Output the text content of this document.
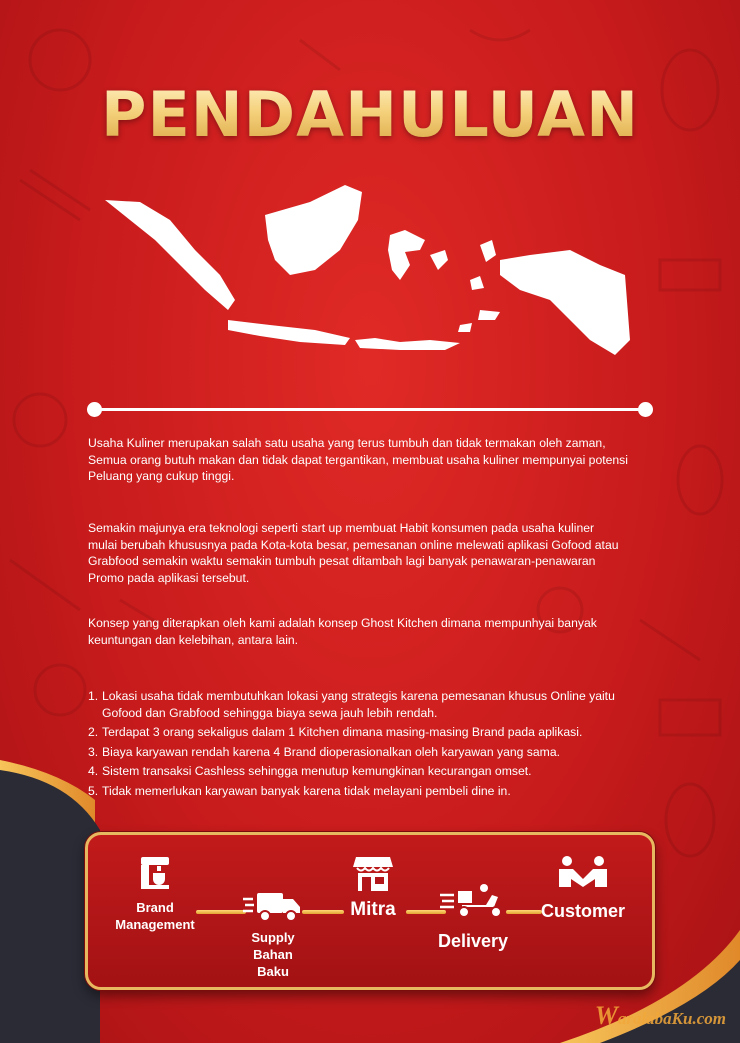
PENDAHULUAN

Usaha Kuliner merupakan salah satu usaha yang terus tumbuh dan tidak termakan oleh zaman,
Semua orang butuh makan dan tidak dapat tergantikan, membuat usaha kuliner mempunyai potensi
Peluang yang cukup tinggi.

Semakin majunya era teknologi seperti start up membuat Habit konsumen pada usaha kuliner
mulai berubah khususnya pada Kota-kota besar, pemesanan online melewati aplikasi Gofood atau
Grabfood semakin waktu semakin tumbuh pesat ditambah lagi banyak penawaran-penawaran
Promo pada aplikasi tersebut.

Konsep yang diterapkan oleh kami adalah konsep Ghost Kitchen dimana mempunhyai banyak
keuntungan dan kelebihan, antara lain.

1. Lokasi usaha tidak membutuhkan lokasi yang strategis karena pemesanan khusus Online yaitu
Gofood dan Grabfood sehingga biaya sewa jauh lebih rendah.
2. Terdapat 3 orang sekaligus dalam 1 Kitchen dimana masing-masing Brand pada aplikasi.
3. Biaya karyawan rendah karena 4 Brand dioperasionalkan oleh karyawan yang sama.
4. Sistem transaksi Cashless sehingga menutup kemungkinan kecurangan omset.
5. Tidak memerlukan karyawan banyak karena tidak melayani pembeli dine in.
Brand
Management
Supply
Bahan Baku
Mitra
Delivery
Customer
WaralabaKu.com
